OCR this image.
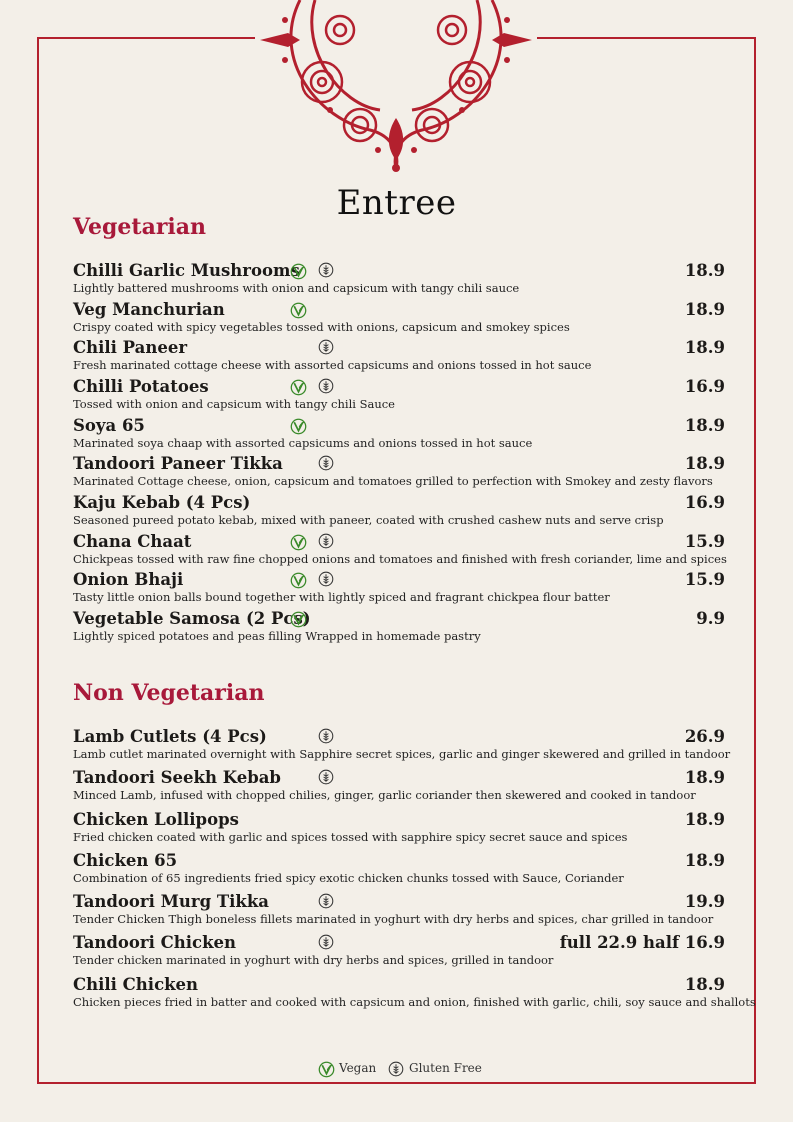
Entree
Vegetarian
Chilli Garlic Mushrooms	18.9
Lightly battered mushrooms with onion and capsicum with tangy chili sauce
Veg Manchurian	18.9
Crispy coated with spicy vegetables tossed with onions, capsicum and smokey spices
Chili Paneer	18.9
Fresh marinated cottage cheese with assorted capsicums and onions tossed in hot sauce
Chilli Potatoes	16.9
Tossed with onion and capsicum with tangy chili Sauce
Soya 65	18.9
Marinated soya chaap with assorted capsicums and onions tossed in hot sauce
Tandoori Paneer Tikka	18.9
Marinated Cottage cheese, onion, capsicum and tomatoes grilled to perfection with Smokey and zesty flavors
Kaju Kebab (4 Pcs)	16.9
Seasoned pureed potato kebab, mixed with paneer, coated with crushed cashew nuts and serve crisp
Chana Chaat	15.9
Chickpeas tossed with raw fine chopped onions and tomatoes and finished with fresh coriander, lime and spices
Onion Bhaji	15.9
Tasty little onion balls bound together with lightly spiced and fragrant chickpea flour batter
Vegetable Samosa (2 Pcs)	9.9
Lightly spiced potatoes and peas filling Wrapped in homemade pastry
Non Vegetarian
Lamb Cutlets (4 Pcs)	26.9
Lamb cutlet marinated overnight with Sapphire secret spices, garlic and ginger skewered and grilled in tandoor
Tandoori Seekh Kebab	18.9
Minced Lamb, infused with chopped chilies, ginger, garlic coriander then skewered and cooked in tandoor
Chicken Lollipops	18.9
Fried chicken coated with garlic and spices tossed with sapphire spicy secret sauce and spices
Chicken 65	18.9
Combination of 65 ingredients fried spicy exotic chicken chunks tossed with Sauce, Coriander
Tandoori Murg Tikka	19.9
Tender Chicken Thigh boneless fillets marinated in yoghurt with dry herbs and spices, char grilled in tandoor
Tandoori Chicken	full 22.9 half 16.9
Tender chicken marinated in yoghurt with dry herbs and spices, grilled in tandoor
Chili Chicken	18.9
Chicken pieces fried in batter and cooked with capsicum and onion, finished with garlic, chili, soy sauce and shallots
Vegan	Gluten Free
